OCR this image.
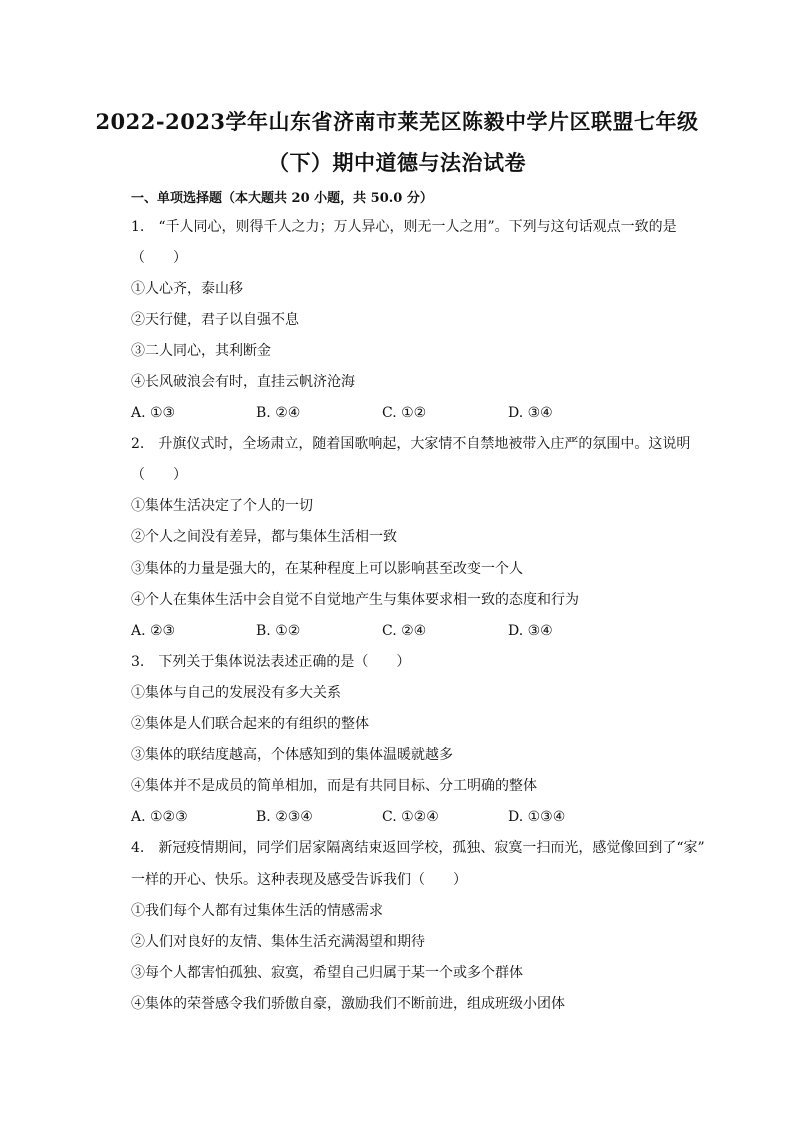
2022-2023学年山东省济南市莱芜区陈毅中学片区联盟七年级
（下）期中道德与法治试卷
一、单项选择题（本大题共 20 小题，共 50.0 分）
1.　“千人同心，则得千人之力；万人异心，则无一人之用”。下列与这句话观点一致的是
（　　）
①人心齐，泰山移
②天行健，君子以自强不息
③二人同心，其利断金
④长风破浪会有时，直挂云帆济沧海
A. ①③	B. ②④	C. ①②	D. ③④
2.　升旗仪式时，全场肃立，随着国歌响起，大家情不自禁地被带入庄严的氛围中。这说明
（　　）
①集体生活决定了个人的一切
②个人之间没有差异，都与集体生活相一致
③集体的力量是强大的，在某种程度上可以影响甚至改变一个人
④个人在集体生活中会自觉不自觉地产生与集体要求相一致的态度和行为
A. ②③	B. ①②	C. ②④	D. ③④
3.　下列关于集体说法表述正确的是（　　）
①集体与自己的发展没有多大关系
②集体是人们联合起来的有组织的整体
③集体的联结度越高，个体感知到的集体温暖就越多
④集体并不是成员的简单相加，而是有共同目标、分工明确的整体
A. ①②③	B. ②③④	C. ①②④	D. ①③④
4.　新冠疫情期间，同学们居家隔离结束返回学校，孤独、寂寞一扫而光，感觉像回到了“家”
一样的开心、快乐。这种表现及感受告诉我们（　　）
①我们每个人都有过集体生活的情感需求
②人们对良好的友情、集体生活充满渴望和期待
③每个人都害怕孤独、寂寞，希望自己归属于某一个或多个群体
④集体的荣誉感令我们骄傲自豪，激励我们不断前进，组成班级小团体
